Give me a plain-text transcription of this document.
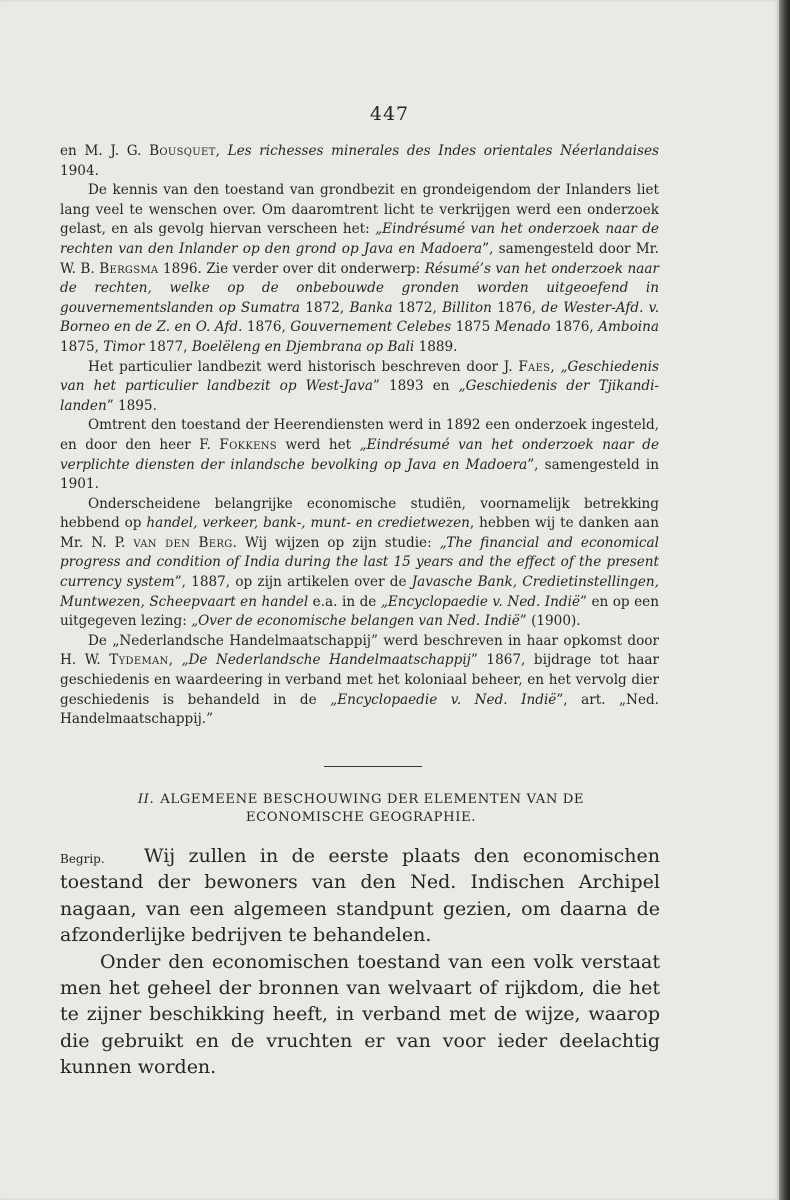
447

en M. J. G. Bousquet, Les richesses minerales des Indes orientales Néerlandaises 1904.

De kennis van den toestand van grondbezit en grondeigendom der Inlanders liet lang veel te wenschen over. Om daaromtrent licht te verkrijgen werd een onderzoek gelast, en als gevolg hiervan verscheen het: „Eindrésumé van het onderzoek naar de rechten van den Inlander op den grond op Java en Madoera”, samengesteld door Mr. W. B. Bergsma 1896. Zie verder over dit onderwerp: Résumé’s van het onderzoek naar de rechten, welke op de onbebouwde gronden worden uitgeoefend in gouvernementslanden op Sumatra 1872, Banka 1872, Billiton 1876, de Wester-Afd. v. Borneo en de Z. en O. Afd. 1876, Gouvernement Celebes 1875 Menado 1876, Amboina 1875, Timor 1877, Boelëleng en Djembrana op Bali 1889.

Het particulier landbezit werd historisch beschreven door J. Faes, „Geschiedenis van het particulier landbezit op West-Java” 1893 en „Geschiedenis der Tjikandi-landen” 1895.

Omtrent den toestand der Heerendiensten werd in 1892 een onderzoek ingesteld, en door den heer F. Fokkens werd het „Eindrésumé van het onderzoek naar de verplichte diensten der inlandsche bevolking op Java en Madoera”, samengesteld in 1901.

Onderscheidene belangrijke economische studiën, voornamelijk betrekking hebbend op handel, verkeer, bank-, munt- en credietwezen, hebben wij te danken aan Mr. N. P. van den Berg. Wij wijzen op zijn studie: „The financial and economical progress and condition of India during the last 15 years and the effect of the present currency system”, 1887, op zijn artikelen over de Javasche Bank, Credietinstellingen, Muntwezen, Scheepvaart en handel e.a. in de „Encyclopaedie v. Ned. Indië” en op een uitgegeven lezing: „Over de economische belangen van Ned. Indië” (1900).

De „Nederlandsche Handelmaatschappij” werd beschreven in haar opkomst door H. W. Tydeman, „De Nederlandsche Handelmaatschappij” 1867, bijdrage tot haar geschiedenis en waardeering in verband met het koloniaal beheer, en het vervolg dier geschiedenis is behandeld in de „Encyclopaedie v. Ned. Indië”, art. „Ned. Handelmaatschappij.”

II. ALGEMEENE BESCHOUWING DER ELEMENTEN VAN DE
ECONOMISCHE GEOGRAPHIE.
Begrip.	Wij zullen in de eerste plaats den economischen toestand der bewoners van den Ned. Indischen Archipel nagaan, van een algemeen standpunt gezien, om daarna de afzonderlijke bedrijven te behandelen.

Onder den economischen toestand van een volk verstaat men het geheel der bronnen van welvaart of rijkdom, die het te zijner beschikking heeft, in verband met de wijze, waarop die gebruikt en de vruchten er van voor ieder deelachtig kunnen worden.
